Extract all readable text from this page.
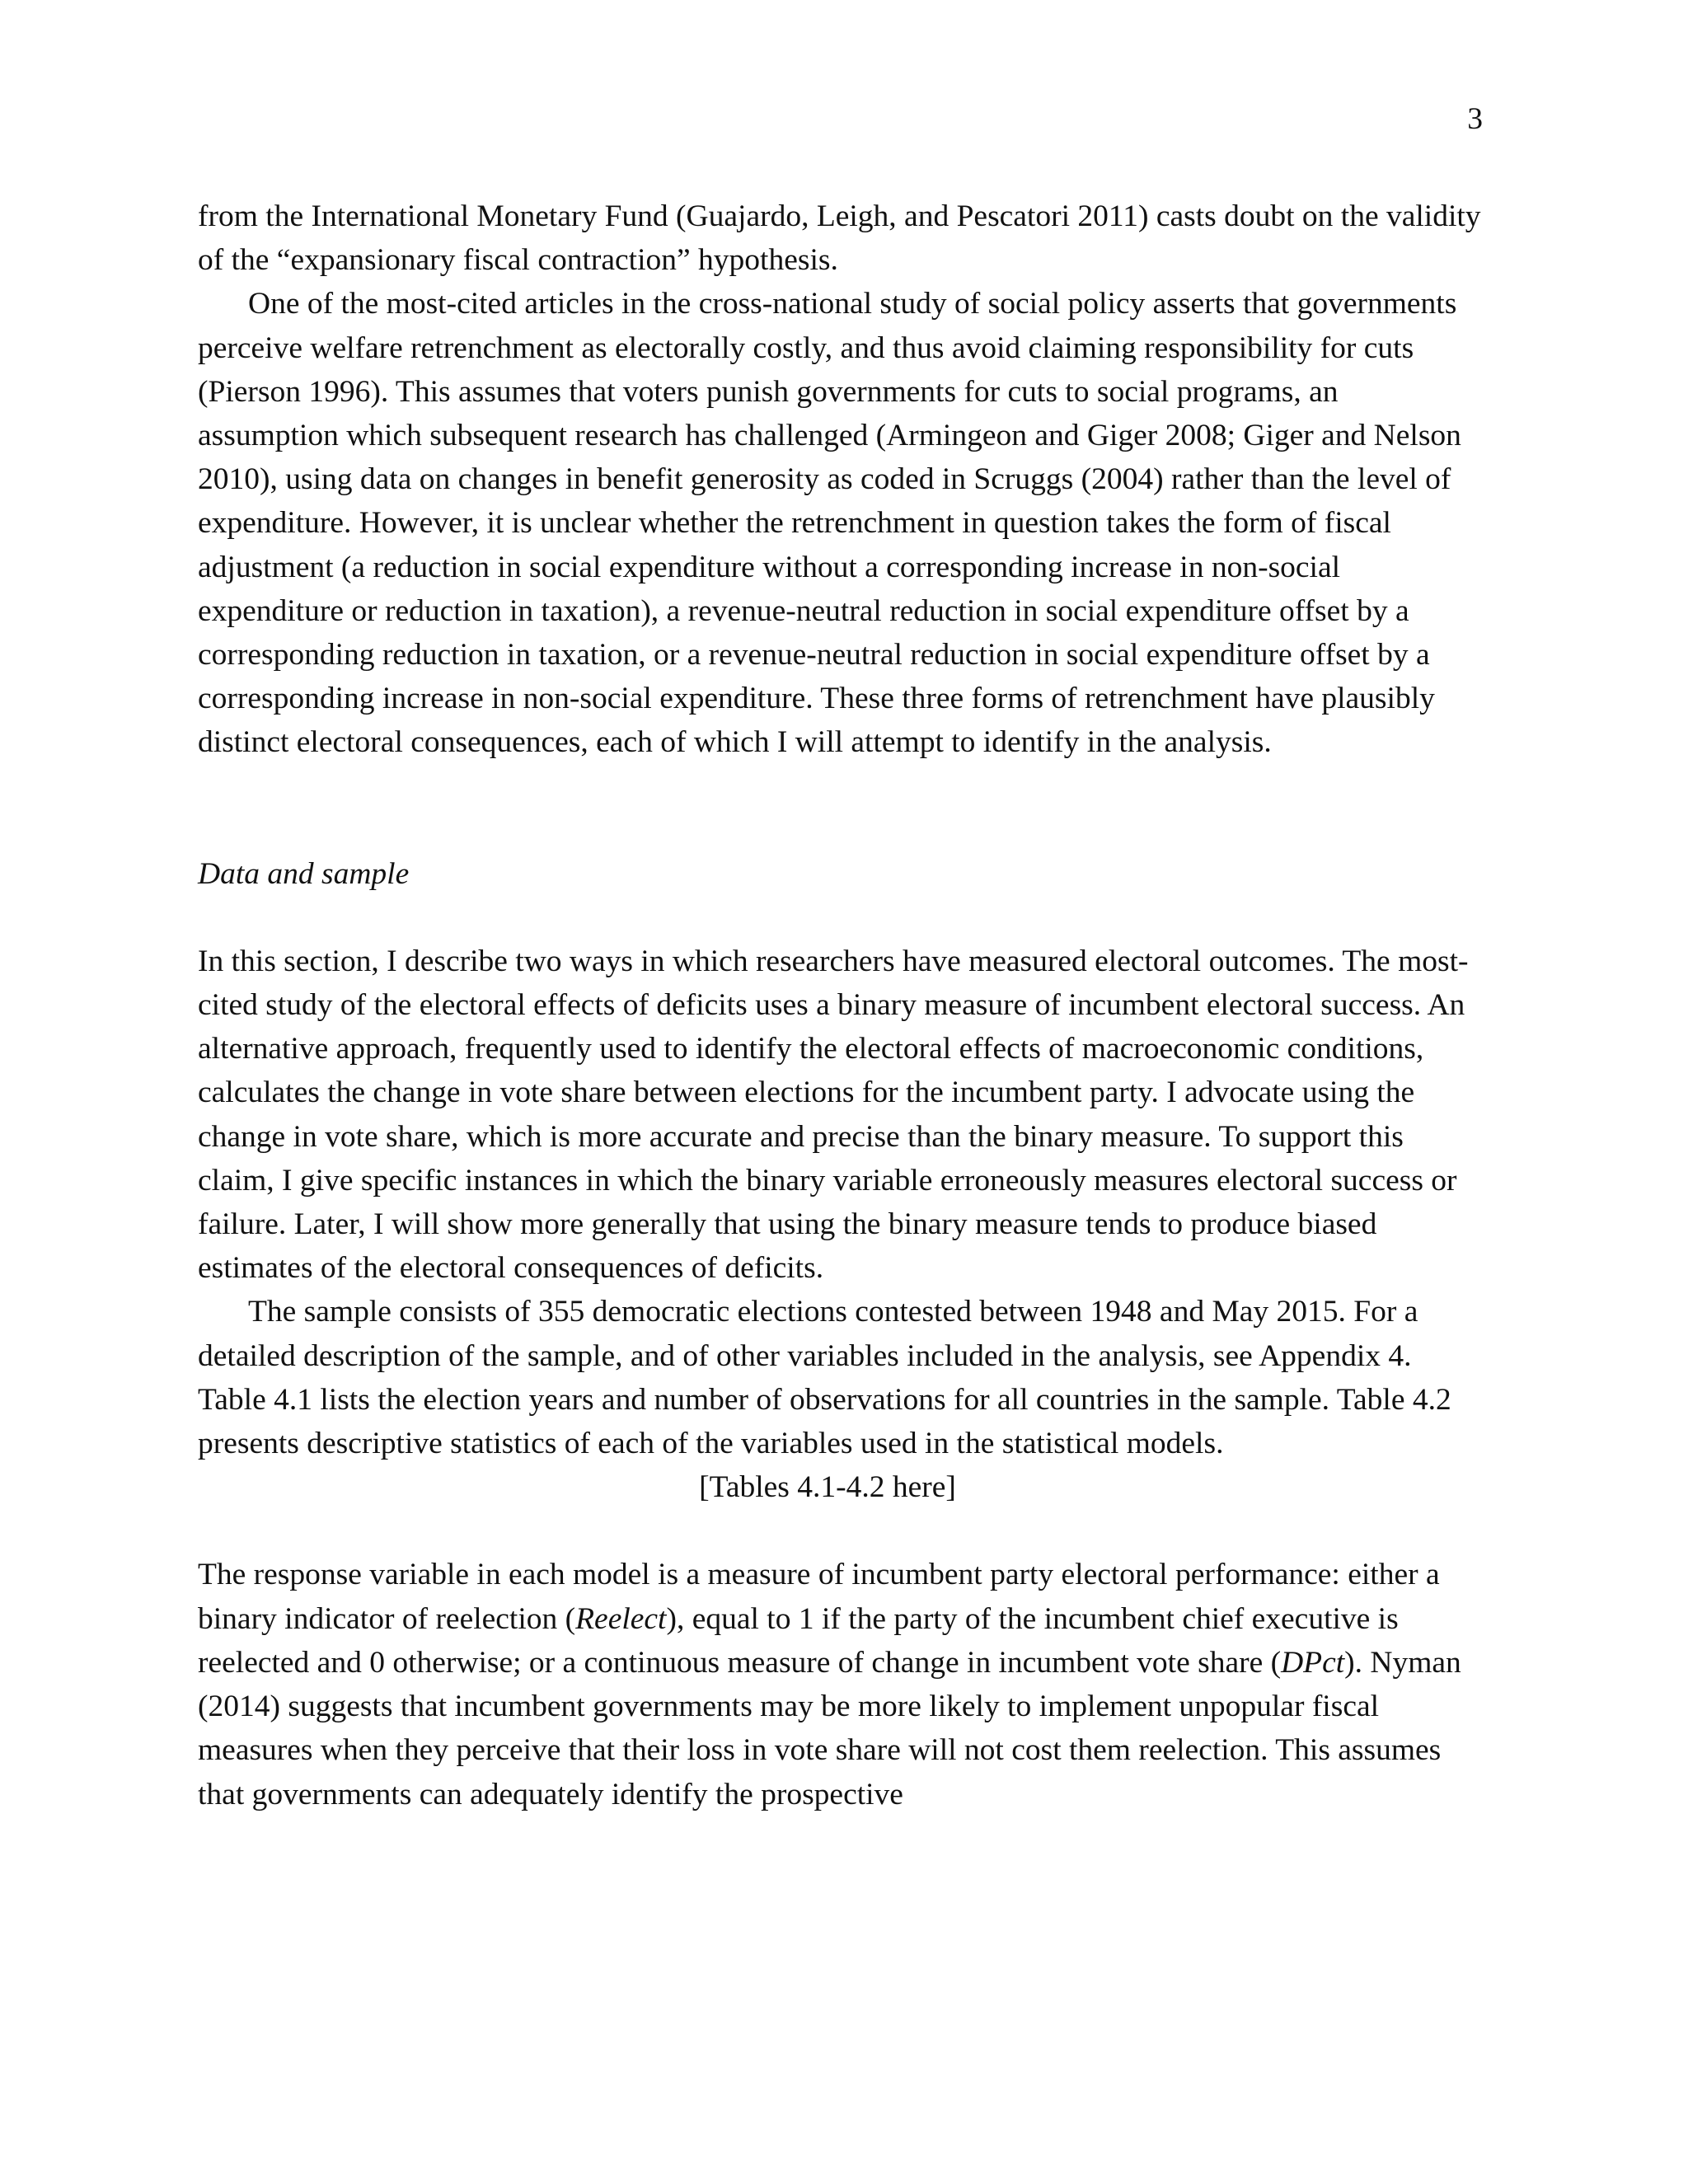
3

from the International Monetary Fund (Guajardo, Leigh, and Pescatori 2011) casts doubt on the validity of the “expansionary fiscal contraction” hypothesis.

One of the most-cited articles in the cross-national study of social policy asserts that governments perceive welfare retrenchment as electorally costly, and thus avoid claiming responsibility for cuts (Pierson 1996). This assumes that voters punish governments for cuts to social programs, an assumption which subsequent research has challenged (Armingeon and Giger 2008; Giger and Nelson 2010), using data on changes in benefit generosity as coded in Scruggs (2004) rather than the level of expenditure. However, it is unclear whether the retrenchment in question takes the form of fiscal adjustment (a reduction in social expenditure without a corresponding increase in non-social expenditure or reduction in taxation), a revenue-neutral reduction in social expenditure offset by a corresponding reduction in taxation, or a revenue-neutral reduction in social expenditure offset by a corresponding increase in non-social expenditure. These three forms of retrenchment have plausibly distinct electoral consequences, each of which I will attempt to identify in the analysis.

Data and sample

In this section, I describe two ways in which researchers have measured electoral outcomes. The most-cited study of the electoral effects of deficits uses a binary measure of incumbent electoral success. An alternative approach, frequently used to identify the electoral effects of macroeconomic conditions, calculates the change in vote share between elections for the incumbent party. I advocate using the change in vote share, which is more accurate and precise than the binary measure. To support this claim, I give specific instances in which the binary variable erroneously measures electoral success or failure. Later, I will show more generally that using the binary measure tends to produce biased estimates of the electoral consequences of deficits.

The sample consists of 355 democratic elections contested between 1948 and May 2015. For a detailed description of the sample, and of other variables included in the analysis, see Appendix 4. Table 4.1 lists the election years and number of observations for all countries in the sample. Table 4.2 presents descriptive statistics of each of the variables used in the statistical models.

[Tables 4.1-4.2 here]

The response variable in each model is a measure of incumbent party electoral performance: either a binary indicator of reelection (Reelect), equal to 1 if the party of the incumbent chief executive is reelected and 0 otherwise; or a continuous measure of change in incumbent vote share (DPct). Nyman (2014) suggests that incumbent governments may be more likely to implement unpopular fiscal measures when they perceive that their loss in vote share will not cost them reelection. This assumes that governments can adequately identify the prospective
